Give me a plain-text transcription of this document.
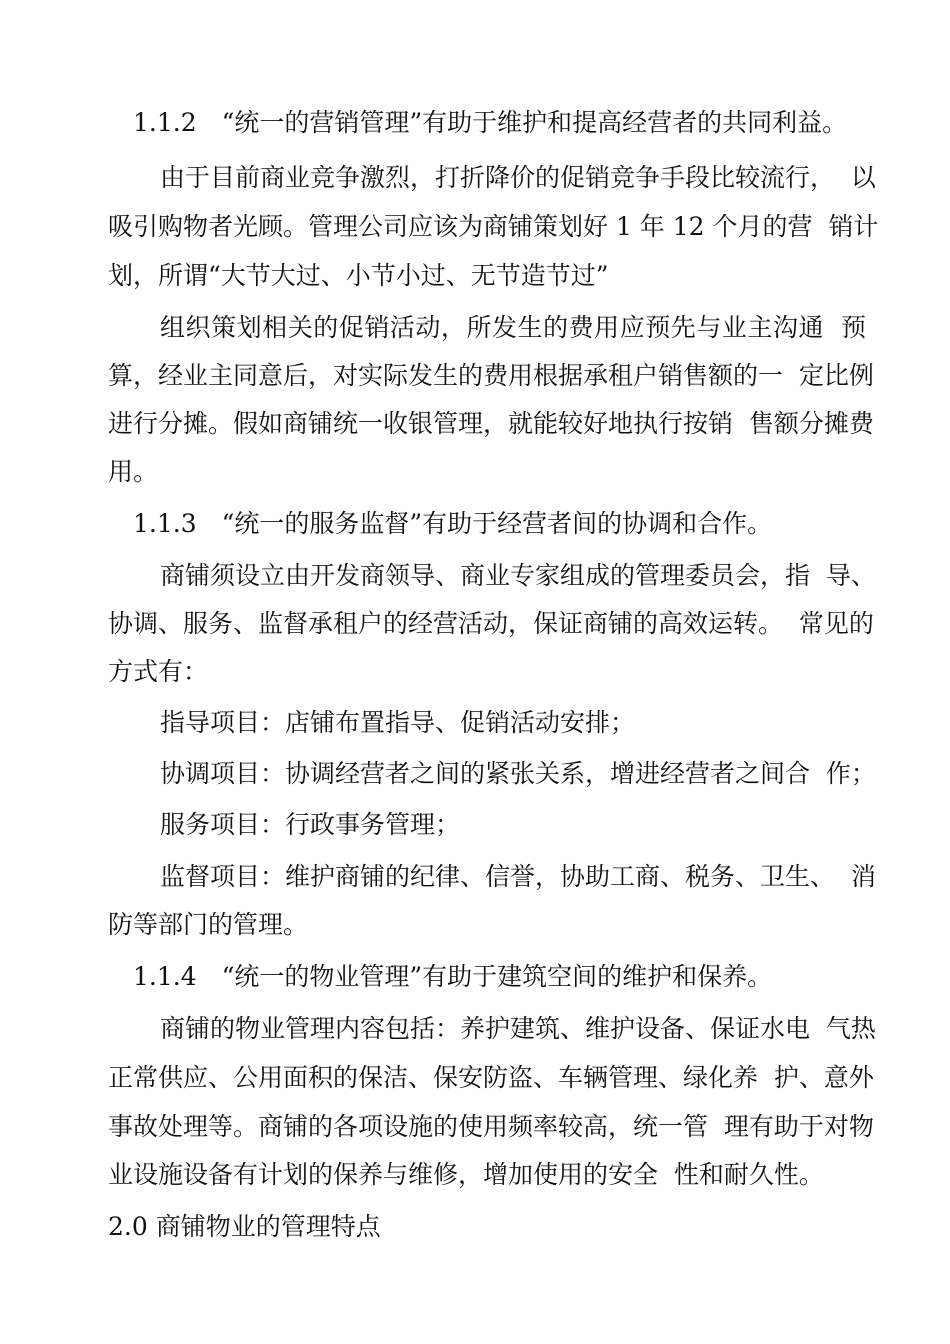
1.1.2　“统一的营销管理”有助于维护和提高经营者的共同利益。
由于目前商业竞争激烈，打折降价的促销竞争手段比较流行，  以
吸引购物者光顾。管理公司应该为商铺策划好 1 年 12 个月的营  销计
划，所谓“大节大过、小节小过、无节造节过”
组织策划相关的促销活动，所发生的费用应预先与业主沟通  预
算，经业主同意后，对实际发生的费用根据承租户销售额的一  定比例
进行分摊。假如商铺统一收银管理，就能较好地执行按销  售额分摊费
用。
1.1.3　“统一的服务监督”有助于经营者间的协调和合作。
商铺须设立由开发商领导、商业专家组成的管理委员会，指  导、
协调、服务、监督承租户的经营活动，保证商铺的高效运转。  常见的
方式有：
指导项目：店铺布置指导、促销活动安排；
协调项目：协调经营者之间的紧张关系，增进经营者之间合  作；
服务项目：行政事务管理；
监督项目：维护商铺的纪律、信誉，协助工商、税务、卫生、  消
防等部门的管理。
1.1.4　“统一的物业管理”有助于建筑空间的维护和保养。
商铺的物业管理内容包括：养护建筑、维护设备、保证水电  气热
正常供应、公用面积的保洁、保安防盗、车辆管理、绿化养  护、意外
事故处理等。商铺的各项设施的使用频率较高，统一管  理有助于对物
业设施设备有计划的保养与维修，增加使用的安全  性和耐久性。
2.0 商铺物业的管理特点
